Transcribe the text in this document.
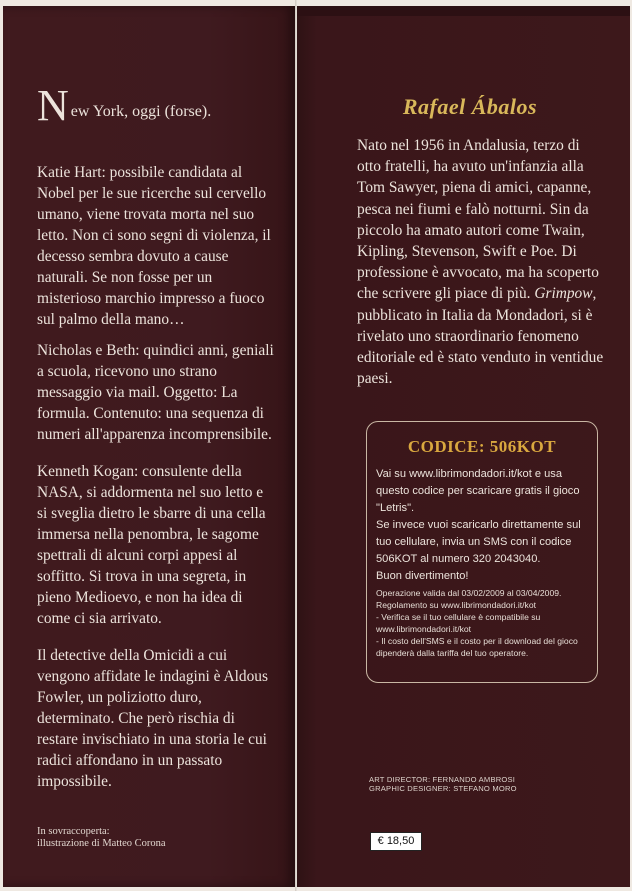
N ew York, oggi (forse).

Katie Hart: possibile candidata al Nobel per le sue ricerche sul cervello umano, viene trovata morta nel suo letto. Non ci sono segni di violenza, il decesso sembra dovuto a cause naturali. Se non fosse per un misterioso marchio impresso a fuoco sul palmo della mano…

Nicholas e Beth: quindici anni, geniali a scuola, ricevono uno strano messaggio via mail. Oggetto: La formula. Contenuto: una sequenza di numeri all'apparenza incomprensibile.

Kenneth Kogan: consulente della NASA, si addormenta nel suo letto e si sveglia dietro le sbarre di una cella immersa nella penombra, le sagome spettrali di alcuni corpi appesi al soffitto. Si trova in una segreta, in pieno Medioevo, e non ha idea di come ci sia arrivato.

Il detective della Omicidi a cui vengono affidate le indagini è Aldous Fowler, un poliziotto duro, determinato. Che però rischia di restare invischiato in una storia le cui radici affondano in un passato impossibile.

In sovraccoperta:
illustrazione di Matteo Corona
Rafael Ábalos

Nato nel 1956 in Andalusia, terzo di otto fratelli, ha avuto un'infanzia alla Tom Sawyer, piena di amici, capanne, pesca nei fiumi e falò notturni. Sin da piccolo ha amato autori come Twain, Kipling, Stevenson, Swift e Poe. Di professione è avvocato, ma ha scoperto che scrivere gli piace di più. Grimpow, pubblicato in Italia da Mondadori, si è rivelato uno straordinario fenomeno editoriale ed è stato venduto in ventidue paesi.

CODICE: 506KOT

Vai su www.librimondadori.it/kot e usa questo codice per scaricare gratis il gioco "Letris".
Se invece vuoi scaricarlo direttamente sul tuo cellulare, invia un SMS con il codice 506KOT al numero 320 2043040.
Buon divertimento!

Operazione valida dal 03/02/2009 al 03/04/2009.
Regolamento su www.librimondadori.it/kot
- Verifica se il tuo cellulare è compatibile su www.librimondadori.it/kot
- Il costo dell'SMS e il costo per il download del gioco dipenderà dalla tariffa del tuo operatore.

ART DIRECTOR: FERNANDO AMBROSI
GRAPHIC DESIGNER: STEFANO MORO
€ 18,50
